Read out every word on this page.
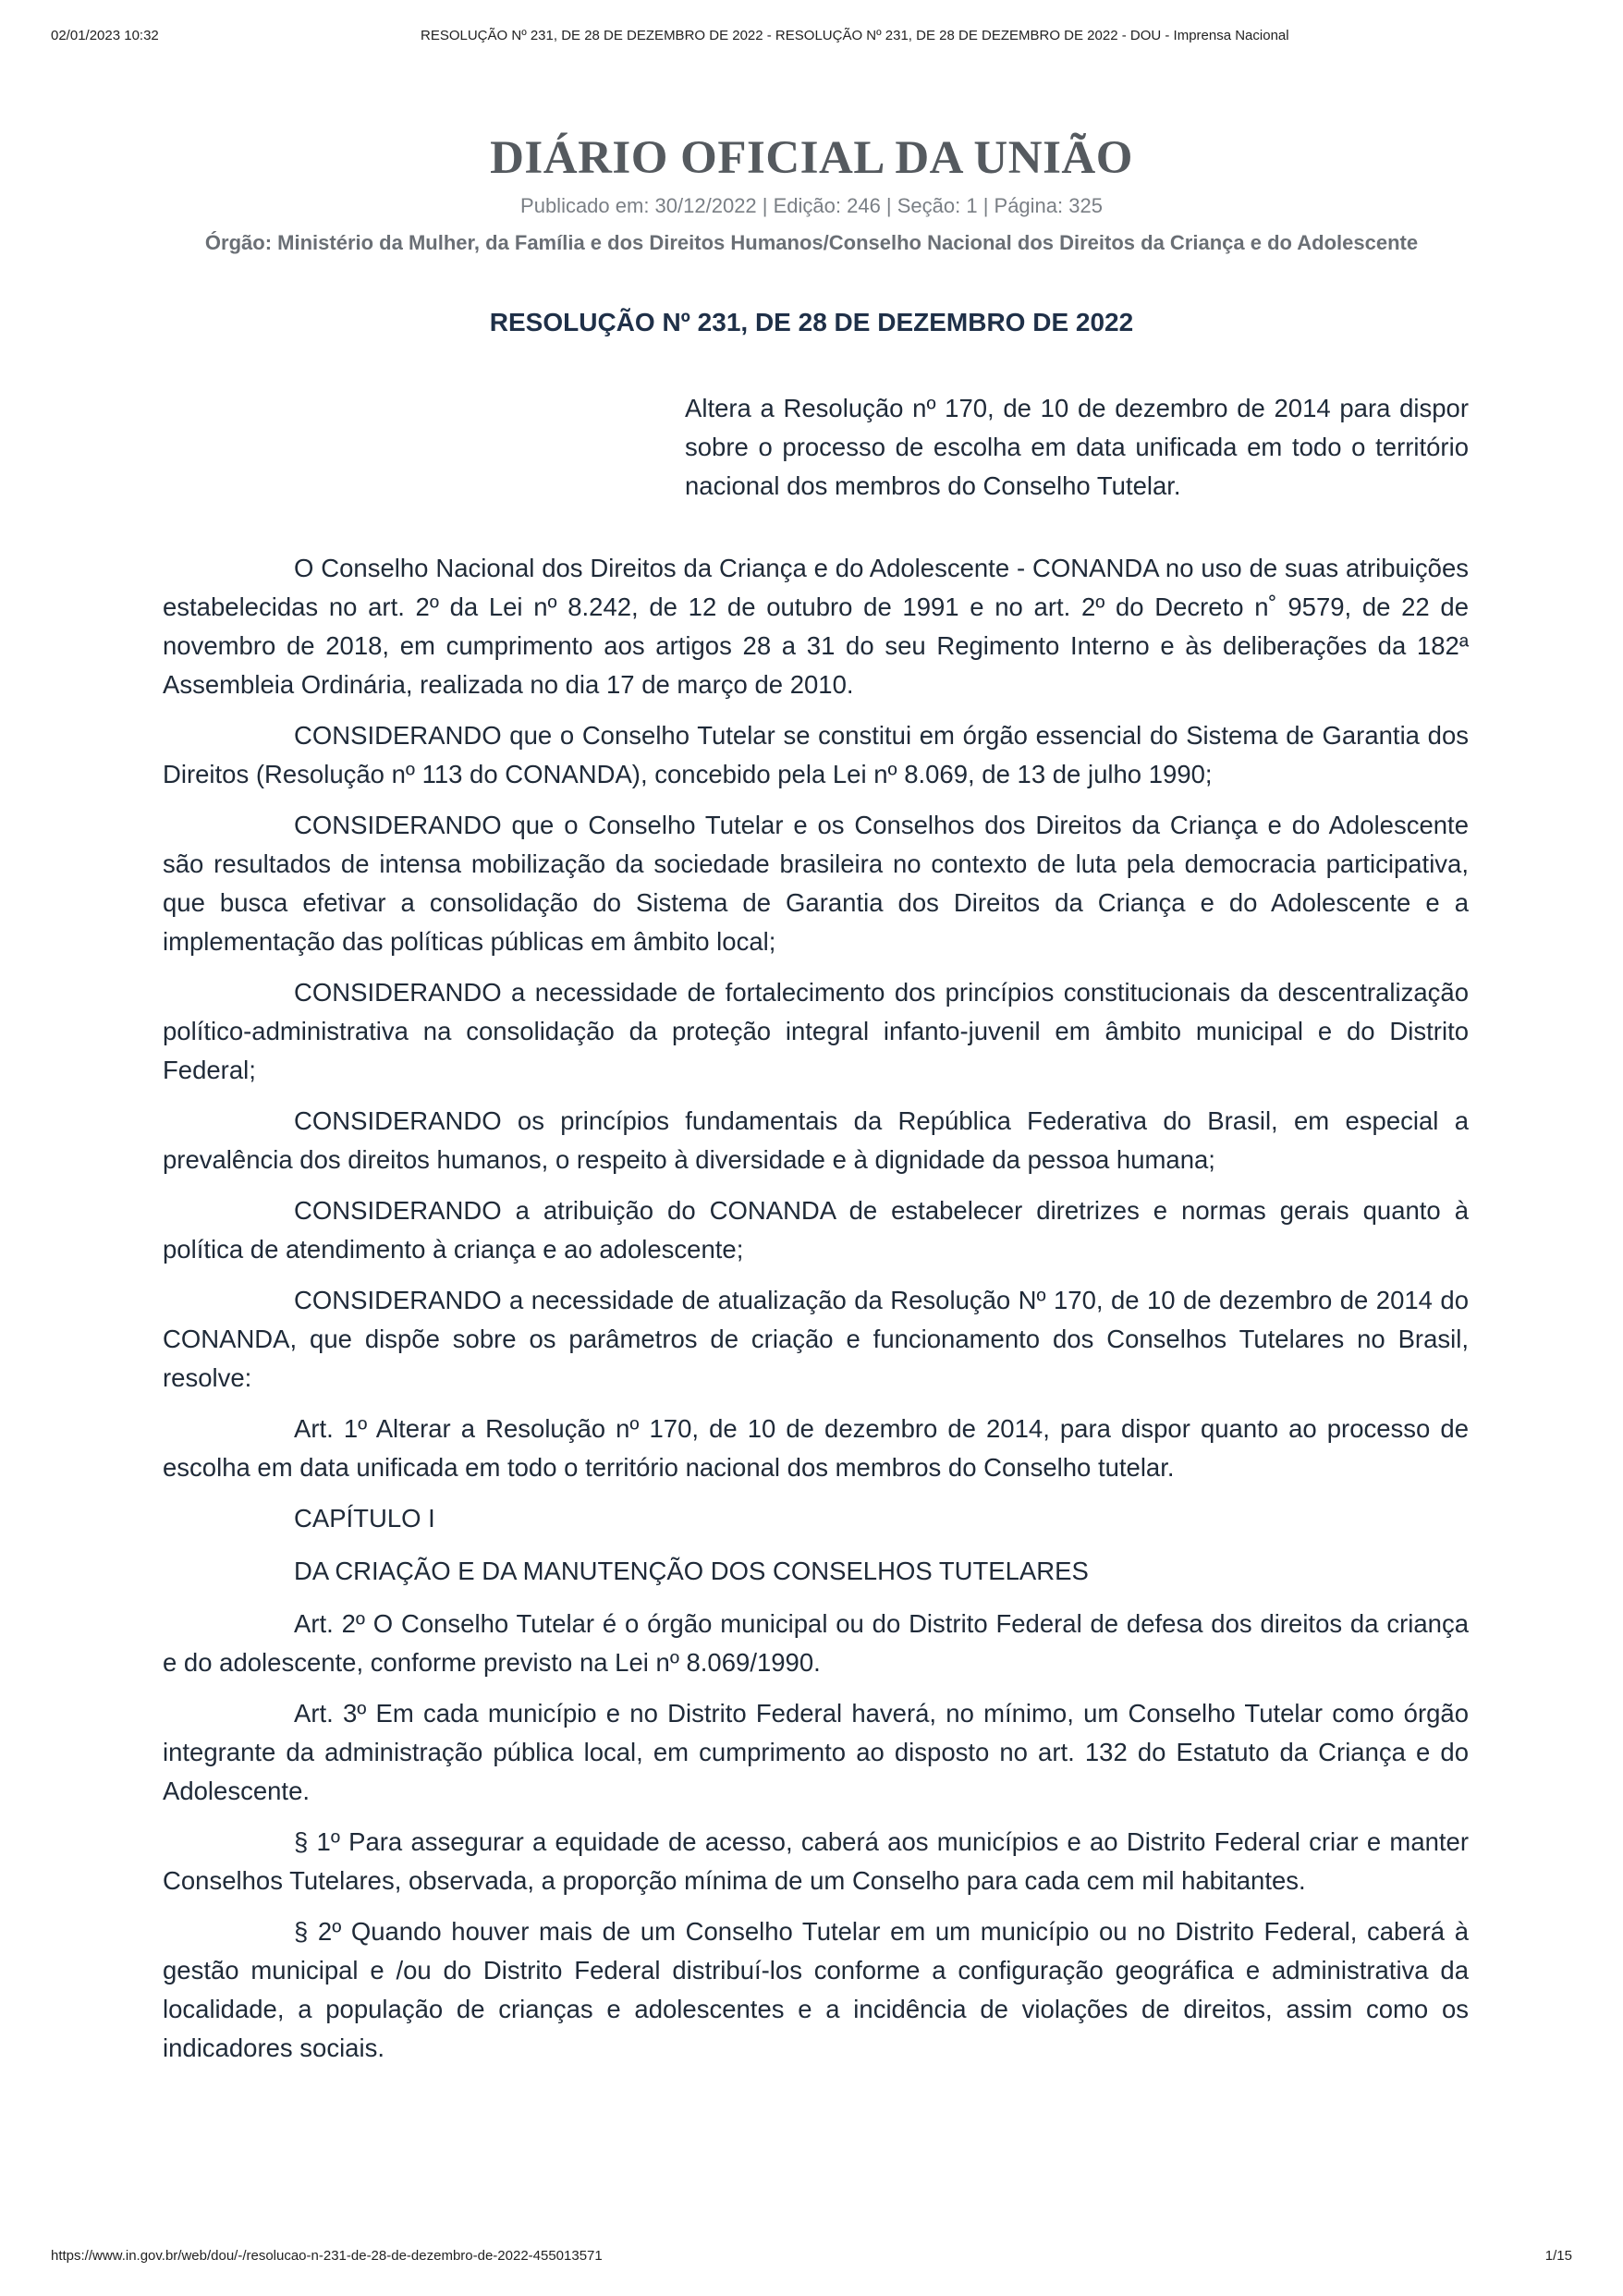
02/01/2023 10:32	RESOLUÇÃO Nº 231, DE 28 DE DEZEMBRO DE 2022 - RESOLUÇÃO Nº 231, DE 28 DE DEZEMBRO DE 2022 - DOU - Imprensa Nacional
DIÁRIO OFICIAL DA UNIÃO
Publicado em: 30/12/2022 | Edição: 246 | Seção: 1 | Página: 325
Órgão: Ministério da Mulher, da Família e dos Direitos Humanos/Conselho Nacional dos Direitos da Criança e do Adolescente
RESOLUÇÃO Nº 231, DE 28 DE DEZEMBRO DE 2022
Altera a Resolução nº 170, de 10 de dezembro de 2014 para dispor sobre o processo de escolha em data unificada em todo o território nacional dos membros do Conselho Tutelar.

O Conselho Nacional dos Direitos da Criança e do Adolescente - CONANDA no uso de suas atribuições estabelecidas no art. 2º da Lei nº 8.242, de 12 de outubro de 1991 e no art. 2º do Decreto n˚ 9579, de 22 de novembro de 2018, em cumprimento aos artigos 28 a 31 do seu Regimento Interno e às deliberações da 182ª Assembleia Ordinária, realizada no dia 17 de março de 2010.

CONSIDERANDO que o Conselho Tutelar se constitui em órgão essencial do Sistema de Garantia dos Direitos (Resolução nº 113 do CONANDA), concebido pela Lei nº 8.069, de 13 de julho 1990;

CONSIDERANDO que o Conselho Tutelar e os Conselhos dos Direitos da Criança e do Adolescente são resultados de intensa mobilização da sociedade brasileira no contexto de luta pela democracia participativa, que busca efetivar a consolidação do Sistema de Garantia dos Direitos da Criança e do Adolescente e a implementação das políticas públicas em âmbito local;

CONSIDERANDO a necessidade de fortalecimento dos princípios constitucionais da descentralização político-administrativa na consolidação da proteção integral infanto-juvenil em âmbito municipal e do Distrito Federal;

CONSIDERANDO os princípios fundamentais da República Federativa do Brasil, em especial a prevalência dos direitos humanos, o respeito à diversidade e à dignidade da pessoa humana;

CONSIDERANDO a atribuição do CONANDA de estabelecer diretrizes e normas gerais quanto à política de atendimento à criança e ao adolescente;

CONSIDERANDO a necessidade de atualização da Resolução Nº 170, de 10 de dezembro de 2014 do CONANDA, que dispõe sobre os parâmetros de criação e funcionamento dos Conselhos Tutelares no Brasil, resolve:

Art. 1º Alterar a Resolução nº 170, de 10 de dezembro de 2014, para dispor quanto ao processo de escolha em data unificada em todo o território nacional dos membros do Conselho tutelar.

CAPÍTULO I

DA CRIAÇÃO E DA MANUTENÇÃO DOS CONSELHOS TUTELARES

Art. 2º O Conselho Tutelar é o órgão municipal ou do Distrito Federal de defesa dos direitos da criança e do adolescente, conforme previsto na Lei nº 8.069/1990.

Art. 3º Em cada município e no Distrito Federal haverá, no mínimo, um Conselho Tutelar como órgão integrante da administração pública local, em cumprimento ao disposto no art. 132 do Estatuto da Criança e do Adolescente.

§ 1º Para assegurar a equidade de acesso, caberá aos municípios e ao Distrito Federal criar e manter Conselhos Tutelares, observada, a proporção mínima de um Conselho para cada cem mil habitantes.

§ 2º Quando houver mais de um Conselho Tutelar em um município ou no Distrito Federal, caberá à gestão municipal e /ou do Distrito Federal distribuí-los conforme a configuração geográfica e administrativa da localidade, a população de crianças e adolescentes e a incidência de violações de direitos, assim como os indicadores sociais.

https://www.in.gov.br/web/dou/-/resolucao-n-231-de-28-de-dezembro-de-2022-455013571	1/15
